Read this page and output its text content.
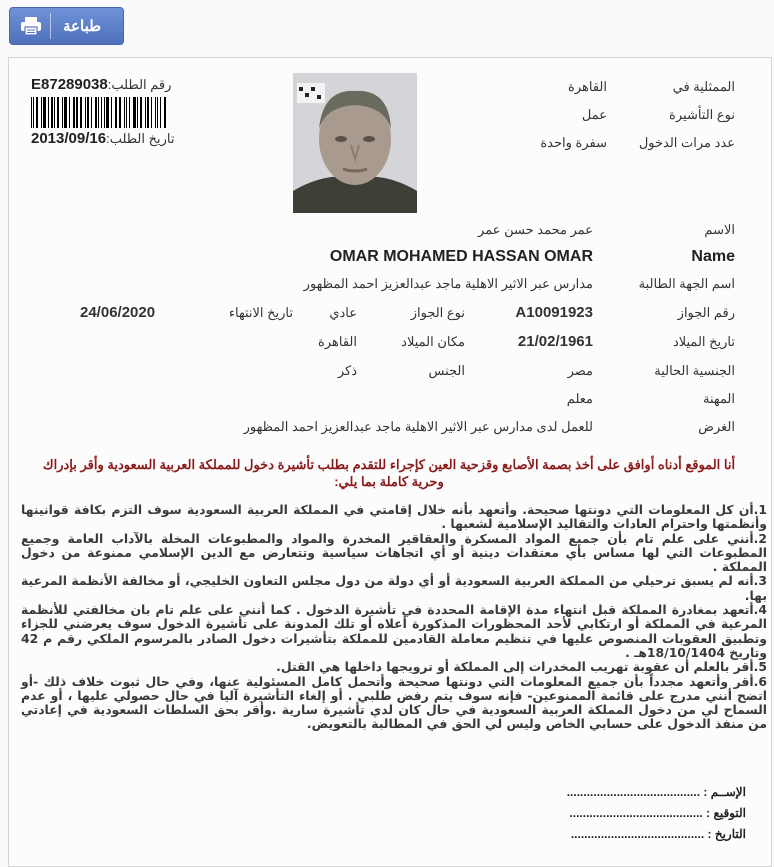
طباعة
رقم الطلب:E87289038
تاريخ الطلب:2013/09/16
الممثلية في
القاهرة
نوع التأشيرة
عمل
عدد مرات الدخول
سفرة واحدة
الاسم
عمر محمد حسن عمر
Name
OMAR MOHAMED HASSAN OMAR
اسم الجهة الطالبة
مدارس عبر الاثير الاهلية ماجد عبدالعزيز احمد المظهور
رقم الجواز
A10091923
نوع الجواز
عادي
تاريخ الانتهاء
24/06/2020
تاريخ الميلاد
21/02/1961
مكان الميلاد
القاهرة
الجنسية الحالية
مصر
الجنس
ذكر
المهنة
معلم
الغرض
للعمل لدى مدارس عبر الاثير الاهلية ماجد عبدالعزيز احمد المظهور
أنا الموقع أدناه أوافق على أخذ بصمة الأصابع وقزحية العين كإجراء للتقدم بطلب تأشيرة دخول للمملكة العربية السعودية وأقر بإدراك وحرية كاملة بما يلي:

1.أن كل المعلومات التي دونتها صحيحة. وأتعهد بأنه خلال إقامتي في المملكة العربية السعودية سوف التزم بكافة قوانينها وأنظمتها واحترام العادات والتقاليد الإسلامية لشعبها .

2.أنني على علم تام بأن جميع المواد المسكرة والعقاقير المخدرة والمواد والمطبوعات المخلة بالآداب العامة وجميع المطبوعات التي لها مساس بأي معتقدات دينية أو أي اتجاهات سياسية وتتعارض مع الدين الإسلامي ممنوعة من دخول المملكة .

3.أنه لم يسبق ترحيلي من المملكة العربية السعودية أو أي دولة من دول مجلس التعاون الخليجي، أو مخالفة الأنظمة المرعية بها.

4.أتعهد بمغادرة المملكة قبل انتهاء مدة الإقامة المحددة في تأشيرة الدخول . كما أنني على علم تام بان مخالفتي للأنظمة المرعية في المملكة أو ارتكابي لأحد المحظورات المذكورة أعلاه أو تلك المدونة على تأشيرة الدخول سوف يعرضني للجزاء وتطبيق العقوبات المنصوص عليها في تنظيم معاملة القادمين للمملكة بتأشيرات دخول الصادر بالمرسوم الملكي رقم م 42 وتاريخ 18/10/1404هـ .

5.أقر بالعلم أن عقوبة تهريب المخدرات إلى المملكة أو ترويجها داخلها هي القتل.

6.أقر وأتعهد مجدداً بأن جميع المعلومات التي دونتها صحيحة وأتحمل كامل المسئولية عنها، وفي حال ثبوت خلاف ذلك -أو اتضح أنني مدرج على قائمة الممنوعين- فإنه سوف يتم رفض طلبي . أو إلغاء التأشيرة آليا في حال حصولي عليها ، أو عدم السماح لي من دخول المملكة العربية السعودية في حال كان لدي تأشيرة سارية .وأقر بحق السلطات السعودية في إعادتي من منفذ الدخول على حسابي الخاص وليس لي الحق في المطالبة بالتعويض.

الإســم : ........................................
التوقيع : ........................................
التاريخ : ........................................
